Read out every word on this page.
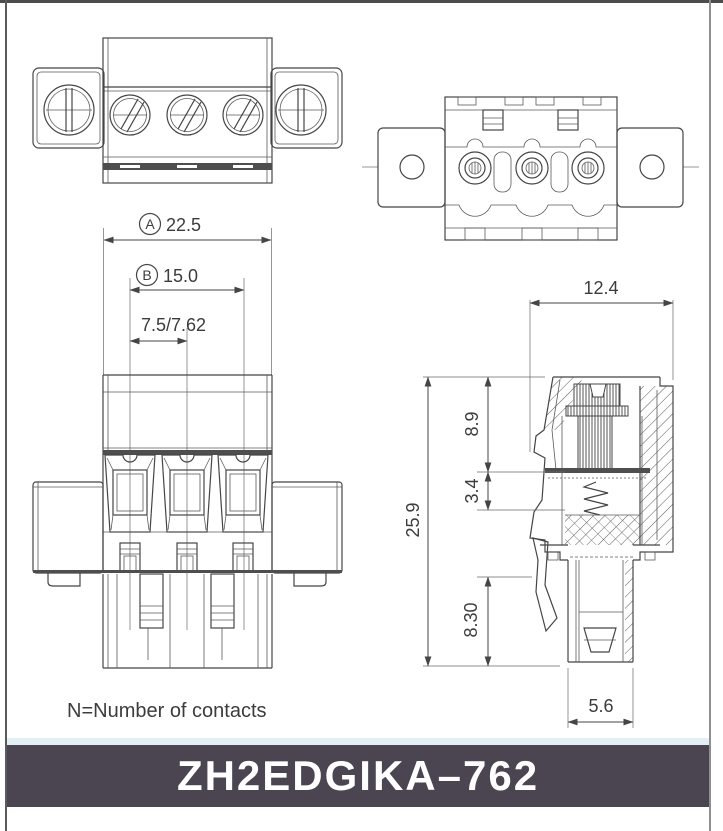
A 22.5
B 15.0
7.5/7.62
12.4
25.9
8.9
3.4
8.30
5.6
N=Number of contacts
ZH2EDGIKA–762
